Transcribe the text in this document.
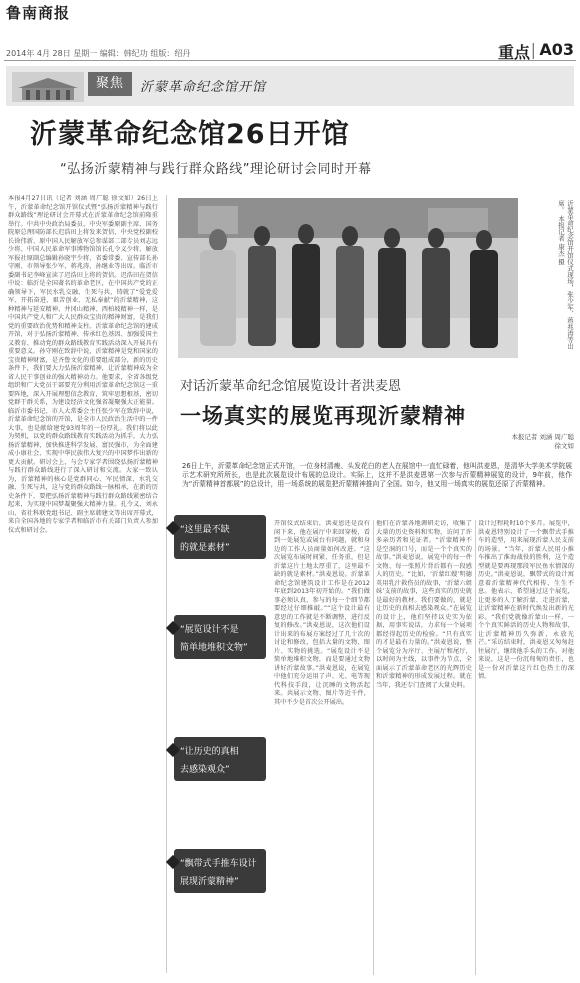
鲁南商报
2014年 4月 28日 星期一 编辑：韩纪功 组版：绍丹	重点 | A03
聚焦	沂蒙革命纪念馆开馆
沂蒙革命纪念馆26日开馆
“弘扬沂蒙精神与践行群众路线”理论研讨会同时开幕
本报4月27日讯（记者 刘涵 周广聪 徐文如）26日上午，沂蒙革命纪念馆开馆仪式暨“弘扬沂蒙精神与践行群众路线”理论研讨会开幕式在沂蒙革命纪念馆前隆重举行。中共中央政治局委员、中央军委原副主席、国务院原总理国防部长迟浩田上将发来贺信，中央党校副校长徐伟新、原中国人民解放军总参谋部二部专员刘志远少将、中国人民革命军事博物馆馆长孔令义少将、解放军报社原副总编辑孙晓宇少将、省委常委、宣传部长孙守刚、市领导张少军、蒋兆涛、孙继业等出席。临沂市委副书记李峰宣读了迟浩田上将的贺信。迟浩田在贺信中说：临沂是全国著名的革命老区，在中国共产党的正确领导下，军民水乳交融、生死与共，铸就了“爱党爱军、开拓奋进、艰苦创业、无私奉献”的沂蒙精神，这种精神与延安精神、井冈山精神、西柏坡精神一样，是中国共产党人和广大人民群众宝贵的精神财富，是我们党的重要政治优势和精神支柱。沂蒙革命纪念馆的建成开馆，对于弘扬沂蒙精神、传承红色基因、加强爱国主义教育、推动党的群众路线教育实践活动深入开展具有重要意义。孙守刚在致辞中说，沂蒙精神是党和国家的宝贵精神财富，是齐鲁文化的重要组成部分，新的历史条件下，我们要大力弘扬沂蒙精神，让沂蒙精神成为全省人民干事创业的强大精神动力。他要求，全省各级党组织和广大党员干部要充分利用沂蒙革命纪念馆这一重要阵地，深入开展理想信念教育，筑牢思想根基，密切党群干群关系，为建设经济文化强省凝聚强大正能量。临沂市委书记、市人大常委会主任张少军在致辞中说，沂蒙革命纪念馆的开馆，是全市人民政治生活中的一件大事，也是献给建党93周年的一份厚礼。我们将以此为契机，以党的群众路线教育实践活动为抓手，大力弘扬沂蒙精神，加快推进科学发展、富民强市，为全面建成小康社会、实现中华民族伟大复兴的中国梦作出新的更大贡献。研讨会上，与会专家学者围绕弘扬沂蒙精神与践行群众路线进行了深入研讨和交流。大家一致认为，沂蒙精神的核心是党群同心、军民情深、水乳交融、生死与共，这与党的群众路线一脉相承，在新的历史条件下，要把弘扬沂蒙精神与践行群众路线紧密结合起来，为实现中国梦凝聚强大精神力量。孔令义、刘永山、省社科联党组书记、副主席韩建文等出席开幕式，来自全国各地的专家学者和临沂市有关部门负责人参加仪式和研讨会。
沂蒙革命纪念馆开馆仪式现场，张少军、蒋兆涛等出席。 本报记者 康杰 摄
对话沂蒙革命纪念馆展览设计者洪麦恩
一场真实的展览再现沂蒙精神
本报记者 刘涵 周广聪
徐文如
26日上午，沂蒙革命纪念馆正式开馆，一位身材清瘦、头发花白的老人在展馆中一直忙碌着，他叫洪麦恩，是清华大学美术学院展示艺术研究所所长，也是此次展览设计布展的总设计。实际上，这并不是洪麦恩第一次参与沂蒙精神展览的设计，9年前，他作为“沂蒙精神首都展”的总设计，用一场系统的展览把沂蒙精神推向了全国。如今，他又用一场真实的展览还原了沂蒙精神。
“这里最不缺
的就是素材”
“展览设计不是
简单地堆积文物”
“让历史的真相
去感染观众”
“飘带式手推车设计
展现沂蒙精神”
开馆仪式结束后，洪麦恩还是没有闲下来，他在展厅中来回穿梭，看到一处展览或展台有问题，就和身边的工作人员商量如何改进。“这次展览布展时间紧、任务重，但是沂蒙这片土地太厚重了，这里最不缺的就是素材。”洪麦恩说。沂蒙革命纪念馆建筑设计工作是在2012年底到2013年初开始的。“我们做事必须认真，参与的每一个细节都要经过仔细推敲。”“这个设计最有意思的工作就是不断调整，进行反复的修改。”洪麦恩说，这次他们设计出来的布展方案经过了几十次的讨论和修改，包括大量的文物、图片、实物的挑选。“展览设计不是简单地堆积文物，而是要通过文物讲好沂蒙故事。”洪麦恩说，在展览中他们充分运用了声、光、电等现代科技手段，让沉睡的文物活起来。共展示文物、图片等近千件，其中不少是首次公开展出。
他们在沂蒙各地调研走访，收集了大量的历史资料和实物，访问了许多亲历者和见证者。“沂蒙精神不是空洞的口号，而是一个个真实的故事。”洪麦恩说，展览中的每一件文物、每一张照片背后都有一段感人的历史。“比如，‘沂蒙红嫂’明德英用乳汁救伤员的故事，‘沂蒙六姐妹’支前的故事，这些真实的历史就是最好的教材。我们要做的，就是让历史的真相去感染观众。”在展览的设计上，他们坚持以史实为依据，用事实说话，力求每一个展项都经得起历史的检验。“只有真实的才是最有力量的。”洪麦恩说，整个展览分为序厅、主展厅和尾厅，以时间为主线，以事件为节点，全面展示了沂蒙革命老区的光辉历史和沂蒙精神的形成发展过程。就在当年，我还专门查阅了大量史料。
设计过程耗时10个多月。展览中，洪麦恩特别设计了一个飘带式手推车的造型，用来展现沂蒙人民支前的场景。“当年，沂蒙人民用小推车推出了淮海战役的胜利，这个造型就是要再现那段军民鱼水情深的历史。”洪麦恩说，飘带式的设计寓意着沂蒙精神代代相传、生生不息。他表示，希望通过这个展览，让更多的人了解沂蒙、走进沂蒙，让沂蒙精神在新时代焕发出新的光彩。“我们党就像沂蒙山一样，一个个真实鲜活的历史人物和故事，让沂蒙精神历久弥新，永放光芒。”采访结束时，洪麦恩又匆匆赶往展厅，继续他手头的工作。对他来说，这是一份沉甸甸的责任，也是一份对沂蒙这片红色热土的深情。
